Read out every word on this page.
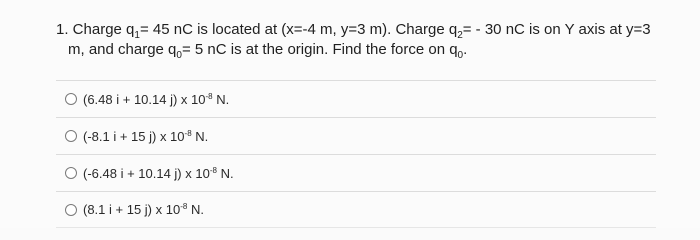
1. Charge $q_1= 45$ nC is located at (x=-4 m, y=3 m). Charge $q_2= - 30$ nC is on Y axis at y=3 m, and charge $q_0= 5$ nC is at the origin. Find the force on $q_0$.
(6.48 i + 10.14 j) x $10^{-8}$ N.
(-8.1 i + 15 j) x $10^{-8}$ N.
(-6.48 i + 10.14 j) x $10^{-8}$ N.
(8.1 i + 15 j) x $10^{-8}$ N.
